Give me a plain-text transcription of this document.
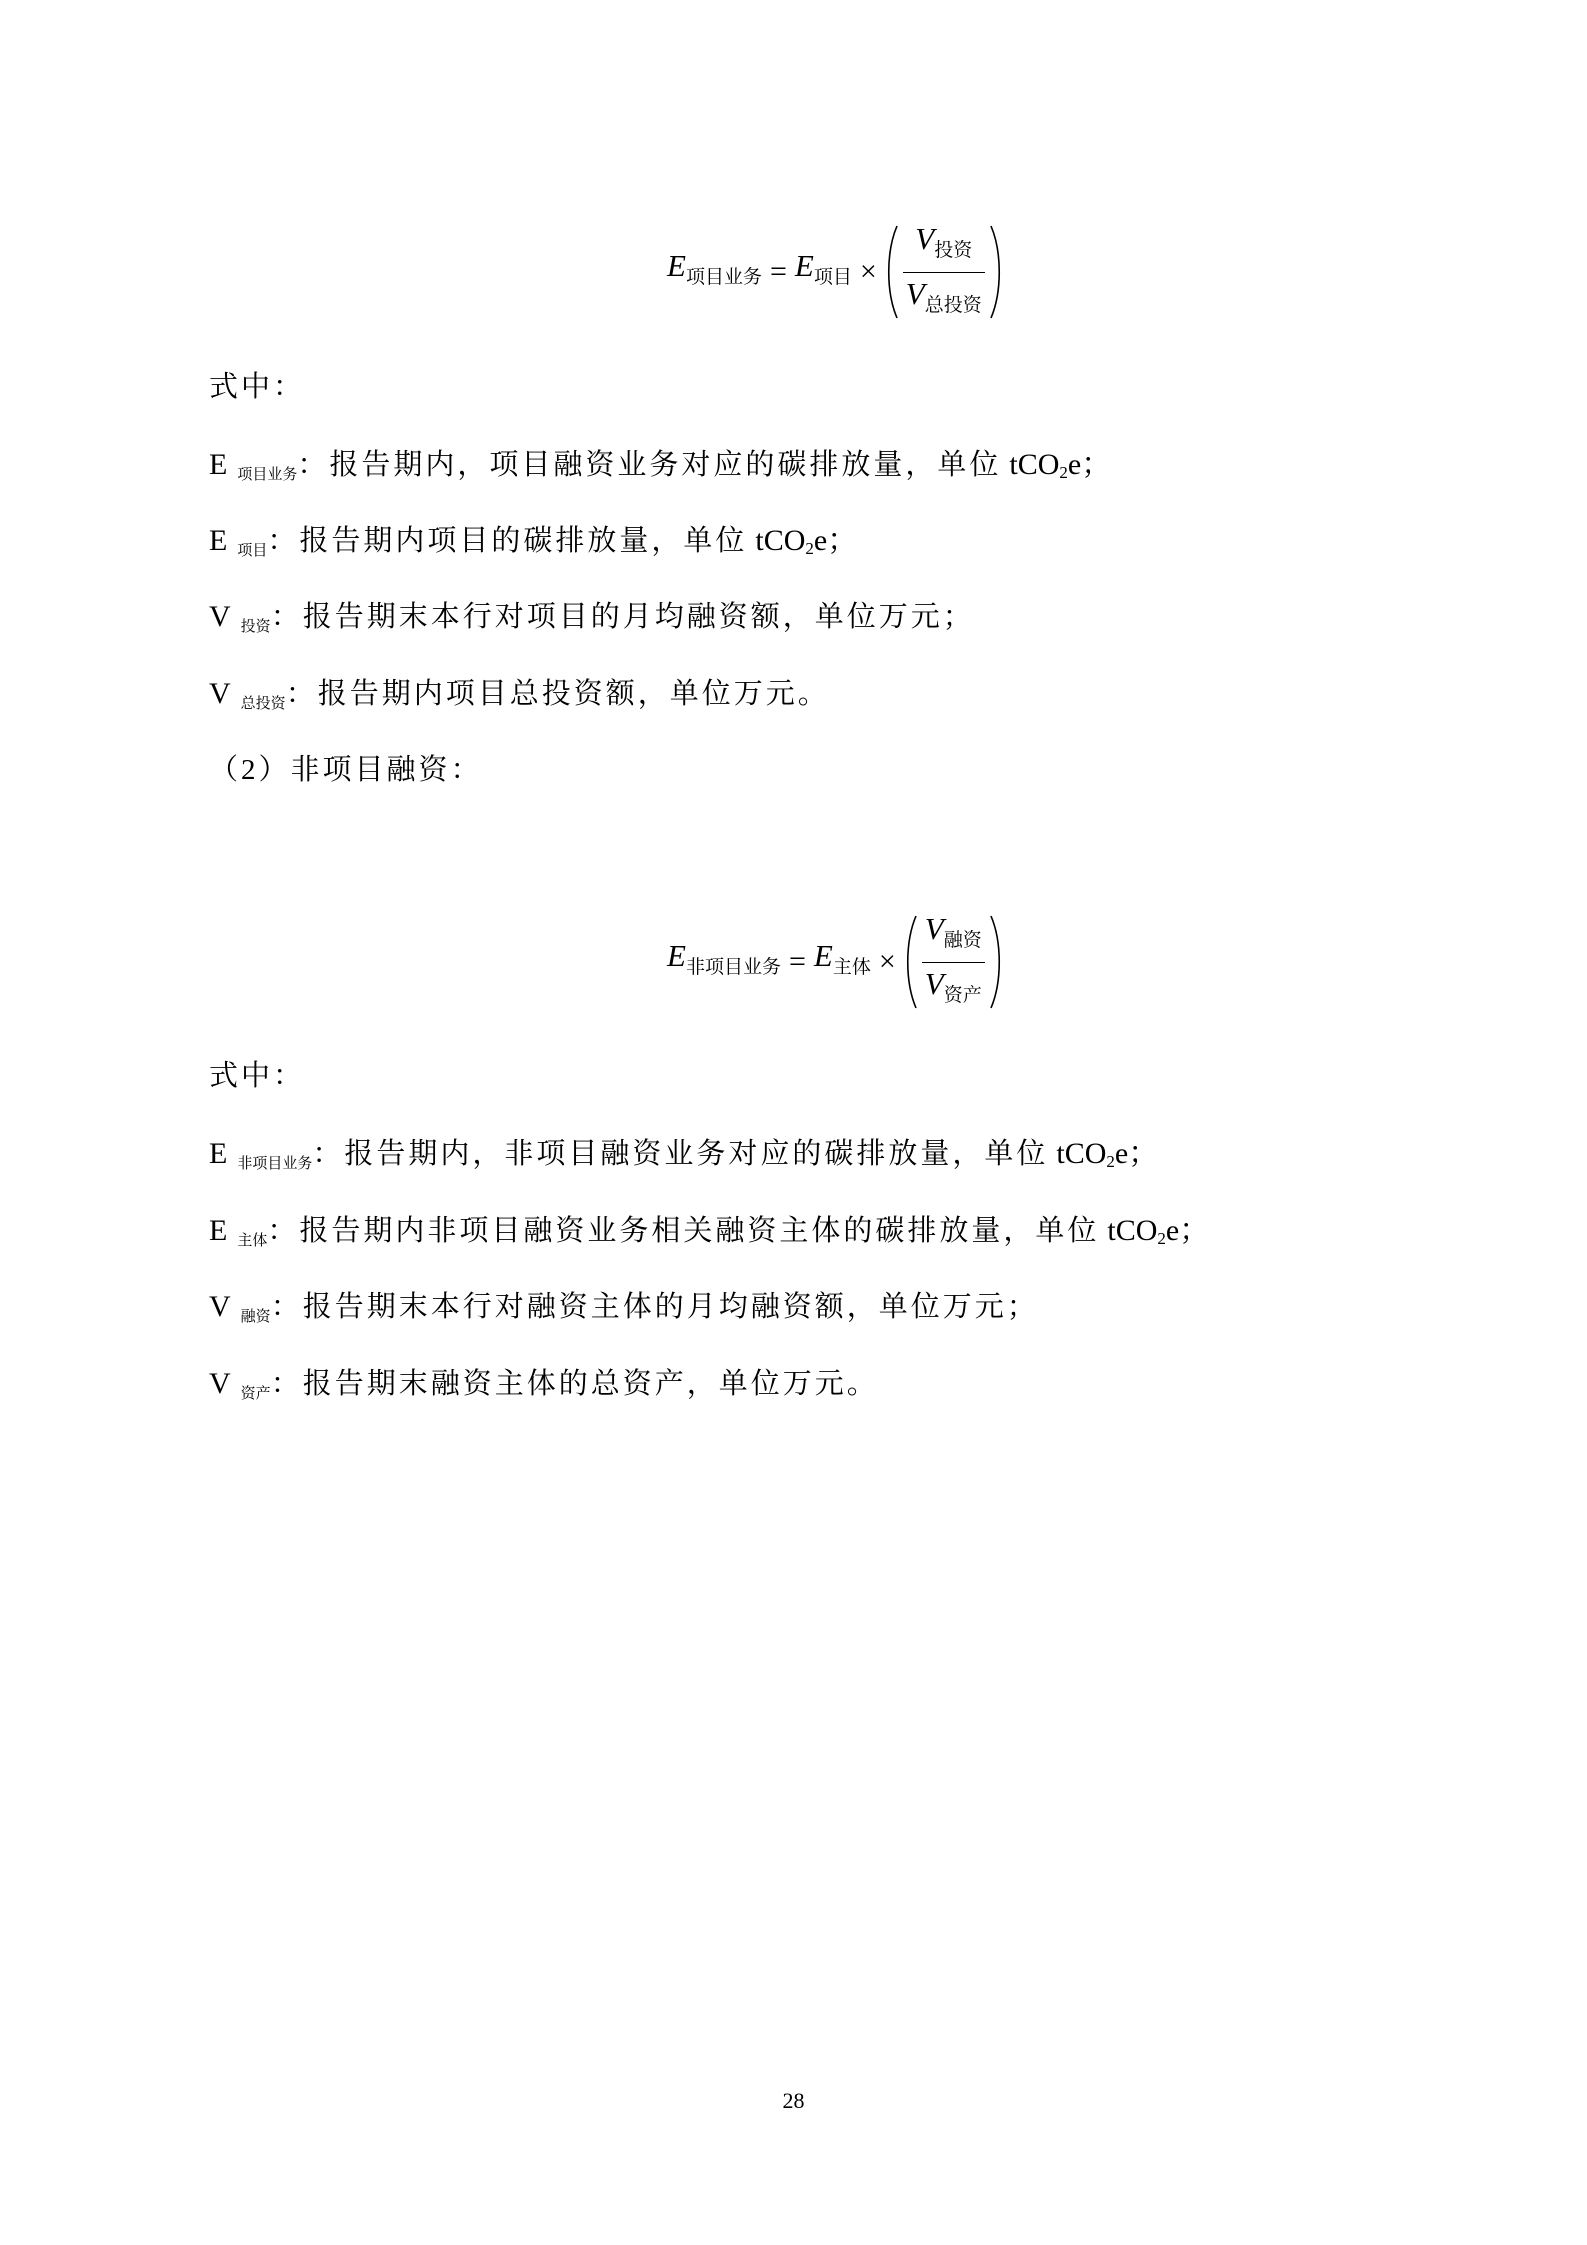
E项目业务 = E项目 × $\frac{\text{V投资}}{\text{V总投资}}$
式中：
E项目业务：报告期内，项目融资业务对应的碳排放量，单位 tCO$_2$e；
E项目：报告期内项目的碳排放量，单位 tCO$_2$e；
V投资：报告期末本行对项目的月均融资额，单位万元；
V总投资：报告期内项目总投资额，单位万元。
（2）非项目融资：
E非项目业务 = E主体 × $\frac{\text{V融资}}{\text{V资产}}$
式中：
E非项目业务：报告期内，非项目融资业务对应的碳排放量，单位 tCO$_2$e；
E主体：报告期内非项目融资业务相关融资主体的碳排放量，单位 tCO$_2$e；
V融资：报告期末本行对融资主体的月均融资额，单位万元；
V资产：报告期末融资主体的总资产，单位万元。
28
